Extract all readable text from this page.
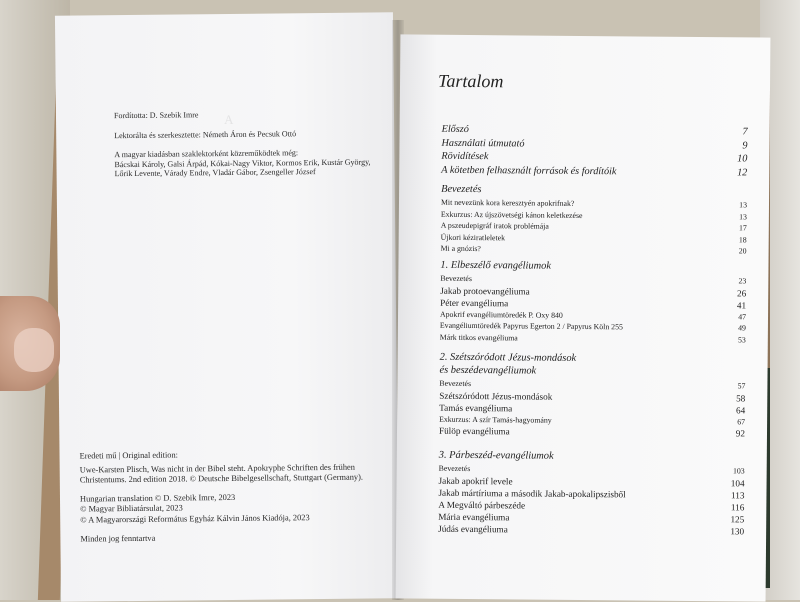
A

Fordította: D. Szebik Imre

Lektorálta és szerkesztette: Németh Áron és Pecsuk Ottó

A magyar kiadásban szaklektorként közreműködtek még:
Bácskai Károly, Galsi Árpád, Kókai-Nagy Viktor, Kormos Erik, Kustár György,
Lőrik Levente, Várady Endre, Vladár Gábor, Zsengeller József

Eredeti mű | Original edition:

Uwe-Karsten Plisch, Was nicht in der Bibel steht. Apokryphe Schriften des frühen

Christentums. 2nd edition 2018. © Deutsche Bibelgesellschaft, Stuttgart (Germany).

Hungarian translation © D. Szebik Imre, 2023

© Magyar Bibliatársulat, 2023

© A Magyarországi Református Egyház Kálvin János Kiadója, 2023

Minden jog fenntartva

Tartalom
Előszó	7
Használati útmutató	9
Rövidítések	10
A kötetben felhasznált források és fordítóik	12
Bevezetés
Mit nevezünk kora keresztyén apokrifnak?	13
Exkurzus: Az újszövetségi kánon keletkezése	13
A pszeudepigráf iratok problémája	17
Újkori kéziratleletek	18
Mi a gnózis?	20
1. Elbeszélő evangéliumok
Bevezetés	23
Jakab protoevangéliuma	26
Péter evangéliuma	41
Apokrif evangéliumtöredék P. Oxy 840	47
Evangéliumtöredék Papyrus Egerton 2 / Papyrus Köln 255	49
Márk titkos evangéliuma	53
2. Szétszóródott Jézus-mondások
és beszédevangéliumok
Bevezetés	57
Szétszóródott Jézus-mondások	58
Tamás evangéliuma	64
Exkurzus: A szír Tamás-hagyomány	67
Fülöp evangéliuma	92
3. Párbeszéd-evangéliumok
Bevezetés	103
Jakab apokrif levele	104
Jakab mártíriuma a második Jakab-apokalipszisből	113
A Megváltó párbeszéde	116
Mária evangéliuma	125
Júdás evangéliuma	130
